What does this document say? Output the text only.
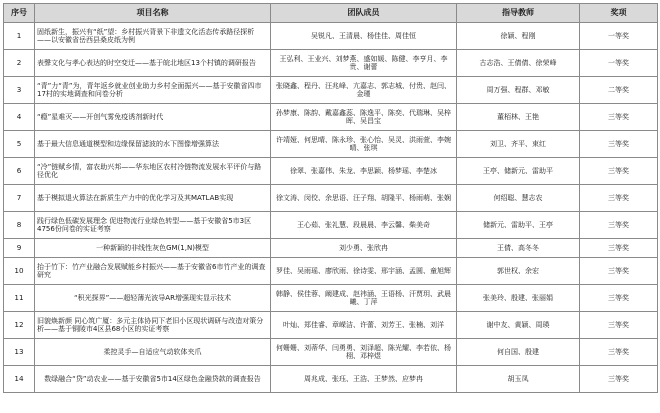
序号	项目名称	团队成员	指导教师	奖项
1	固纸新生，振兴有“纸”望：乡村振兴背景下非遗文化活态传承路径探析——以安徽省岳西县桑皮纸为例	吴锐凡、王清晨、杨佳佳、周佳恒	徐颖、程刚	一等奖
2	表聲文化与孝心表达的时空变迁——基于皖北地区13个村镇的调研报告	王弘利、王业兴、刘梦燕、盛如媛、陈健、李亨月、李贵、谢蕾	古志浩、王倩倩、徐荣峰	一等奖
3	“青”力“青”为，青年返乡就业创业助力乡村全面振兴——基于安徽省四市17村的实地调查和问卷分析	张晓鑫、程丹、汪兆峰、亢嘉志、郭志城、付贵、赵闫、金瑾	周万强、程群、邓敏	二等奖
4	“瘾”星难灭——开创气雾免疫诱剂新时代	孙梦康、陈韵、戴嘉鑫蕊、陈逸平、陈奕、代瑞琳、吴梓晖、吴昌宝	董栢林、王艳	三等奖
5	基于最大信息通道模型和边缘保留滤波的水下图像增强算法	许靖娅、何思晴、陈永珍、张心怡、吴灵、洪雨萱、李婉晴、张琪	刘卫、齐平、束红	三等奖
6	“冷”链赋乡情，富农助兴邦——华东地区农村冷链物流发展水平评价与路径优化	徐翠、张嘉伟、朱龙、李思颖、杨梦瑶、李楚冰	王亭、储新元、雷助平	三等奖
7	基于模拟退火算法在新质生产力中的优化学习及其MATLAB实现	徐文涛、闵佼、余思语、汪子翔、胡隆平、杨雨萌、张娴	何绍聪、慧志农	三等奖
8	践行绿色低碳发展理念 促进物流行业绿色转型——基于安徽省5市3区4756份问卷的实证考察	王心茹、张礼慧、段晨晨、李云馨、柴美奇	储新元、雷助平、王亭	三等奖
9	一种新颖的非线性灰色GM(1,N)模型	刘少勇、张欣冉	王倩、高冬冬	三等奖
10	抬于竹下：竹产业融合发展赋能乡村振兴——基于安徽省6市竹产业的调查研究	罗佳、吴雨瑶、廖欣雨、徐诗雯、邢宇涵、孟圆、童旭辉	郭世权、余宏	三等奖
11	“积光探界”——超轻薄光波导AR增强现实显示技术	韩静、侯佳蓉、阚建成、赵祎涵、王语杨、汗贾玥、武晨曦、丁萍	张美玲、殷建、张丽娟	三等奖
12	旧貌焕新颜 同心筑广厦：多元主体协同下老旧小区现状调研与改造对策分析——基于铜陵市4区县68小区的实证考察	叶灿、郑佳睿、章嵘洁、许蕾、刘芳王、张楠、刘洋	谢中友、黄颖、周瑛	三等奖
13	柔控灵手—自适应气动软体夹爪	何姗姗、刘蒂华、闫勇勇、刘泽超、陈光耀、李若依、杨栩、邓梓煜	何自国、殷建	三等奖
14	数绿融合“贷”动农业——基于安徽省5市14区绿色金融贷款的调查报告	周兆成、张珏、王浩、王梦然、应梦冉	胡玉凤	三等奖
